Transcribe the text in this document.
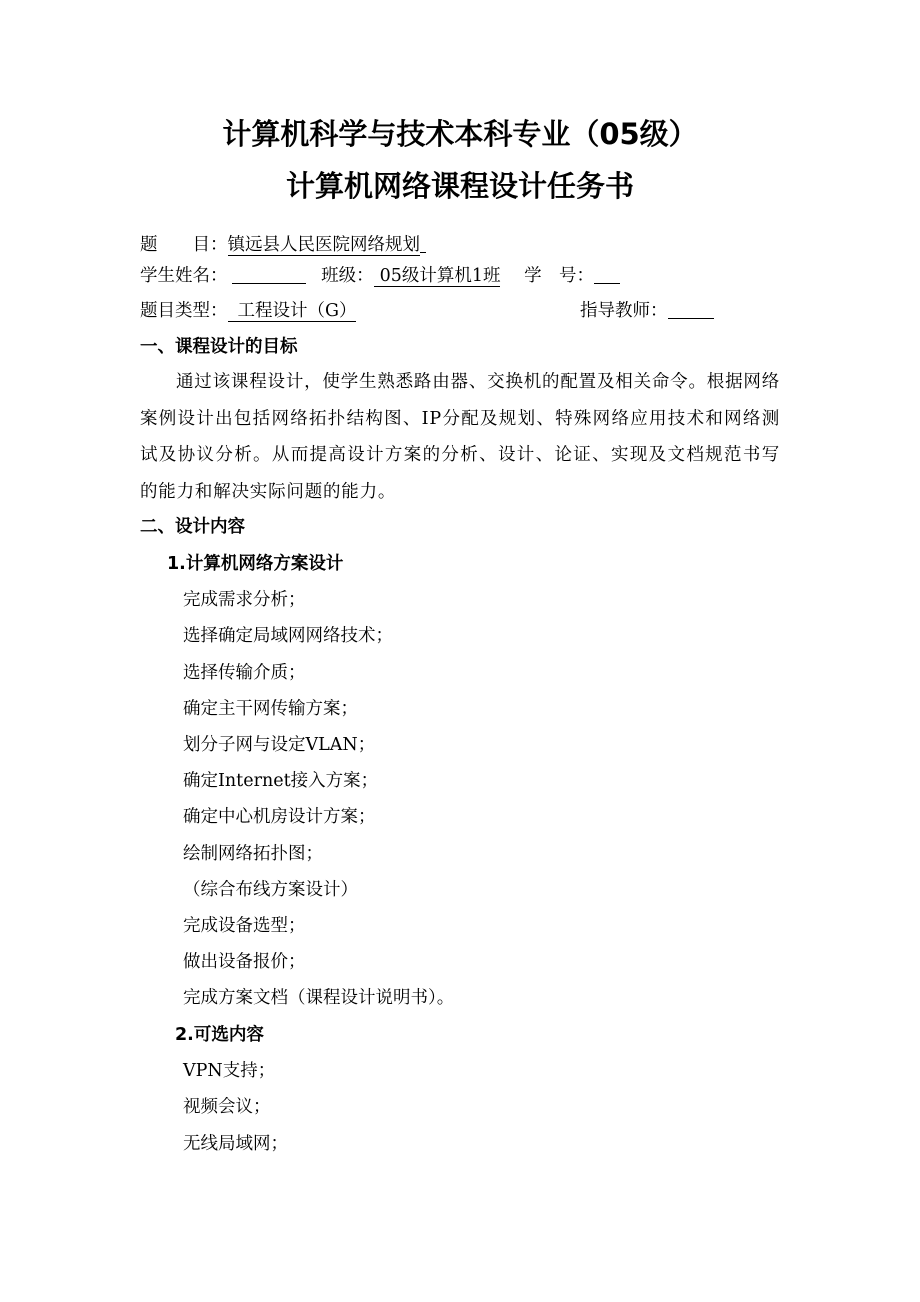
计算机科学与技术本科专业（05级）
计算机网络课程设计任务书
题　　目：镇远县人民医院网络规划
学生姓名：	班级： 05级计算机1班 学　号：
题目类型： 工程设计（G）	指导教师：
一、课程设计的目标
通过该课程设计，使学生熟悉路由器、交换机的配置及相关命令。根据网络案例设计出包括网络拓扑结构图、IP分配及规划、特殊网络应用技术和网络测试及协议分析。从而提高设计方案的分析、设计、论证、实现及文档规范书写的能力和解决实际问题的能力。
二、设计内容
1.计算机网络方案设计
完成需求分析；
选择确定局域网网络技术；
选择传输介质；
确定主干网传输方案；
划分子网与设定VLAN；
确定Internet接入方案；
确定中心机房设计方案；
绘制网络拓扑图；
（综合布线方案设计）
完成设备选型；
做出设备报价；
完成方案文档（课程设计说明书）。
2.可选内容
VPN支持；
视频会议；
无线局域网；
